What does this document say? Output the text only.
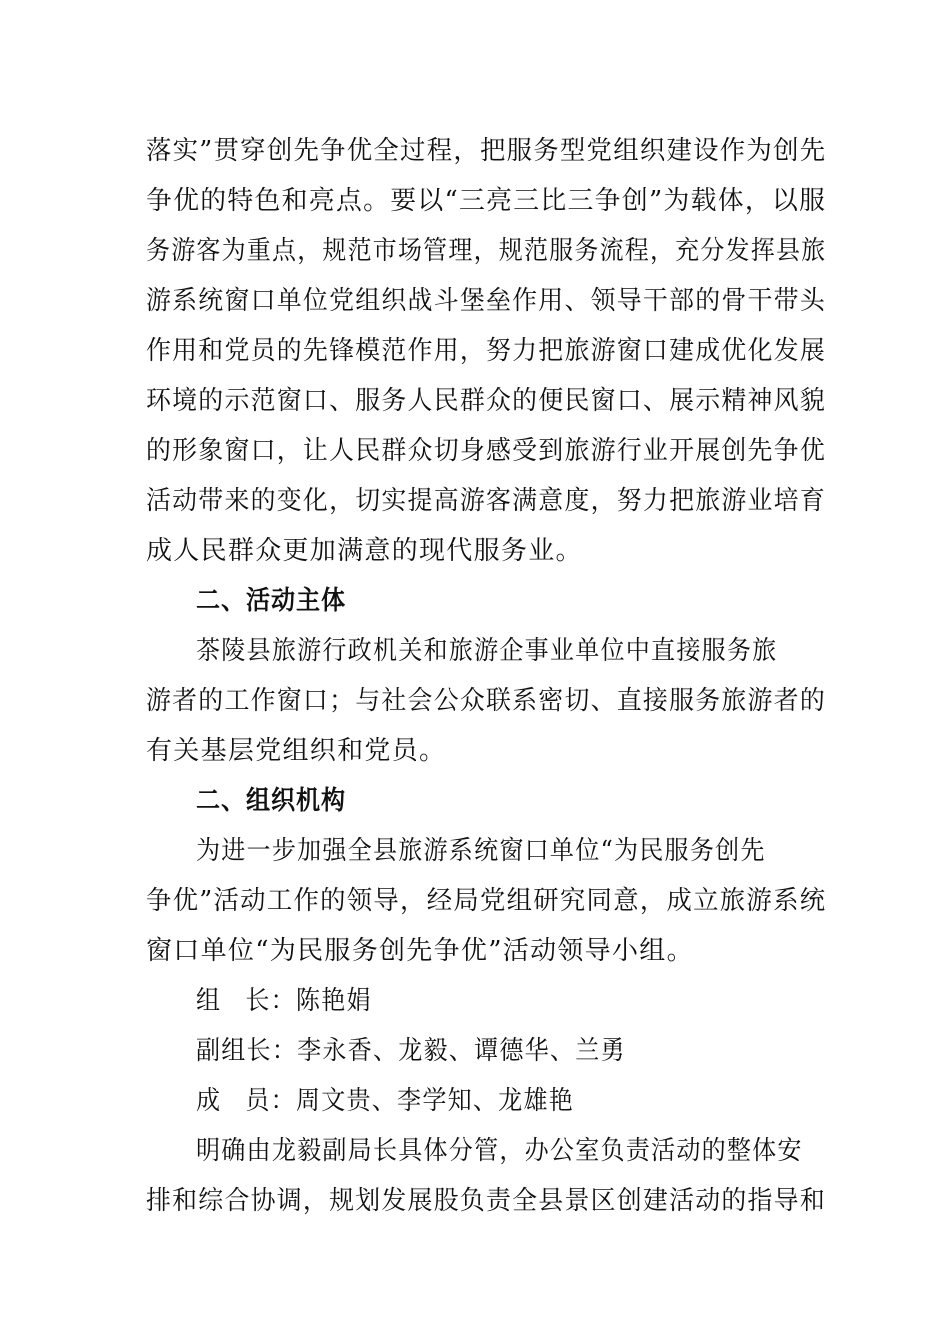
落实”贯穿创先争优全过程，把服务型党组织建设作为创先
争优的特色和亮点。要以“三亮三比三争创”为载体，以服
务游客为重点，规范市场管理，规范服务流程，充分发挥县旅
游系统窗口单位党组织战斗堡垒作用、领导干部的骨干带头
作用和党员的先锋模范作用，努力把旅游窗口建成优化发展
环境的示范窗口、服务人民群众的便民窗口、展示精神风貌
的形象窗口，让人民群众切身感受到旅游行业开展创先争优
活动带来的变化，切实提高游客满意度，努力把旅游业培育
成人民群众更加满意的现代服务业。
二、活动主体
茶陵县旅游行政机关和旅游企事业单位中直接服务旅
游者的工作窗口；与社会公众联系密切、直接服务旅游者的
有关基层党组织和党员。
二、组织机构
为进一步加强全县旅游系统窗口单位“为民服务创先
争优”活动工作的领导，经局党组研究同意，成立旅游系统
窗口单位“为民服务创先争优”活动领导小组。
组 长：陈艳娟
副组长：李永香、龙毅、谭德华、兰勇
成 员：周文贵、李学知、龙雄艳
明确由龙毅副局长具体分管，办公室负责活动的整体安
排和综合协调，规划发展股负责全县景区创建活动的指导和
